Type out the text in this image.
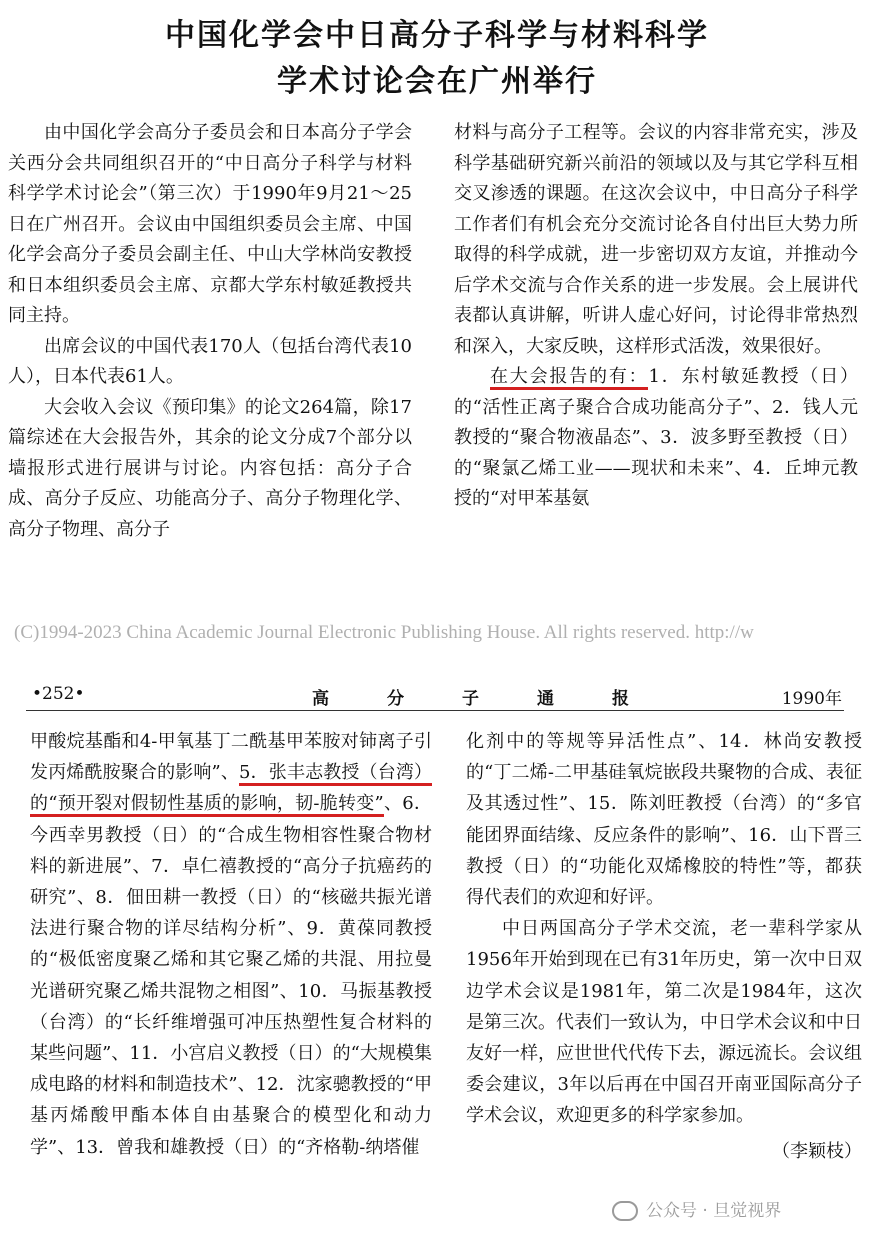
中国化学会中日高分子科学与材料科学
学术讨论会在广州举行

由中国化学会高分子委员会和日本高分子学会关西分会共同组织召开的“中日高分子科学与材料科学学术讨论会”（第三次）于1990年9月21～25日在广州召开。会议由中国组织委员会主席、中国化学会高分子委员会副主任、中山大学林尚安教授和日本组织委员会主席、京都大学东村敏延教授共同主持。

出席会议的中国代表170人（包括台湾代表10人），日本代表61人。

大会收入会议《预印集》的论文264篇，除17篇综述在大会报告外，其余的论文分成7个部分以墙报形式进行展讲与讨论。内容包括：高分子合成、高分子反应、功能高分子、高分子物理化学、高分子物理、高分子

材料与高分子工程等。会议的内容非常充实，涉及科学基础研究新兴前沿的领域以及与其它学科互相交叉渗透的课题。在这次会议中，中日高分子科学工作者们有机会充分交流讨论各自付出巨大势力所取得的科学成就，进一步密切双方友谊，并推动今后学术交流与合作关系的进一步发展。会上展讲代表都认真讲解，听讲人虚心好问，讨论得非常热烈和深入，大家反映，这样形式活泼，效果很好。

在大会报告的有：1．东村敏延教授（日）的“活性正离子聚合合成功能高分子”、2．钱人元教授的“聚合物液晶态”、3．波多野至教授（日）的“聚氯乙烯工业——现状和未来”、4．丘坤元教授的“对甲苯基氨

(C)1994-2023 China Academic Journal Electronic Publishing House. All rights reserved. http://w
•252•	高分子通报	1990年

甲酸烷基酯和4-甲氧基丁二酰基甲苯胺对铈离子引发丙烯酰胺聚合的影响”、5．张丰志教授（台湾）的“预开裂对假韧性基质的影响，韧-脆转变”、6．今西幸男教授（日）的“合成生物相容性聚合物材料的新进展”、7．卓仁禧教授的“高分子抗癌药的研究”、8．佃田耕一教授（日）的“核磁共振光谱法进行聚合物的详尽结构分析”、9．黄葆同教授的“极低密度聚乙烯和其它聚乙烯的共混、用拉曼光谱研究聚乙烯共混物之相图”、10．马振基教授（台湾）的“长纤维增强可冲压热塑性复合材料的某些问题”、11．小宫启义教授（日）的“大规模集成电路的材料和制造技术”、12．沈家骢教授的“甲基丙烯酸甲酯本体自由基聚合的模型化和动力学”、13．曾我和雄教授（日）的“齐格勒-纳塔催

化剂中的等规等异活性点”、14．林尚安教授的“丁二烯-二甲基硅氧烷嵌段共聚物的合成、表征及其透过性”、15．陈刘旺教授（台湾）的“多官能团界面结缘、反应条件的影响”、16．山下晋三教授（日）的“功能化双烯橡胶的特性”等，都获得代表们的欢迎和好评。

中日两国高分子学术交流，老一辈科学家从1956年开始到现在已有31年历史，第一次中日双边学术会议是1981年，第二次是1984年，这次是第三次。代表们一致认为，中日学术会议和中日友好一样，应世世代代传下去，源远流长。会议组委会建议，3年以后再在中国召开南亚国际高分子学术会议，欢迎更多的科学家参加。

（李颖枝）
公众号 · 旦觉视界
